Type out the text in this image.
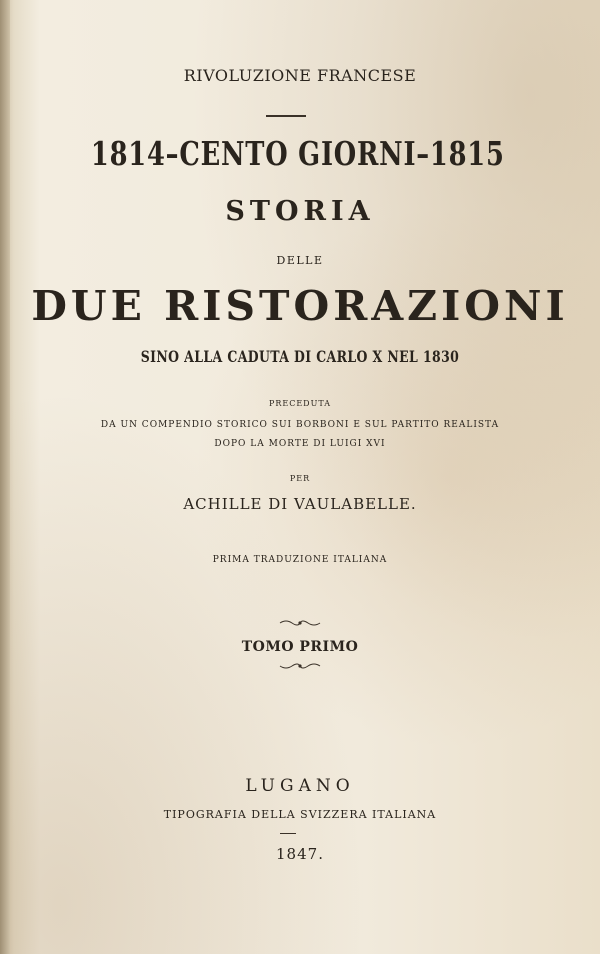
RIVOLUZIONE FRANCESE

1814–CENTO GIORNI–1815

STORIA

DELLE

DUE RISTORAZIONI

SINO ALLA CADUTA DI CARLO X NEL 1830

PRECEDUTA

DA UN COMPENDIO STORICO SUI BORBONI E SUL PARTITO REALISTA

DOPO LA MORTE DI LUIGI XVI

PER

ACHILLE DI VAULABELLE.

PRIMA TRADUZIONE ITALIANA

TOMO PRIMO

LUGANO

TIPOGRAFIA DELLA SVIZZERA ITALIANA

1847.
